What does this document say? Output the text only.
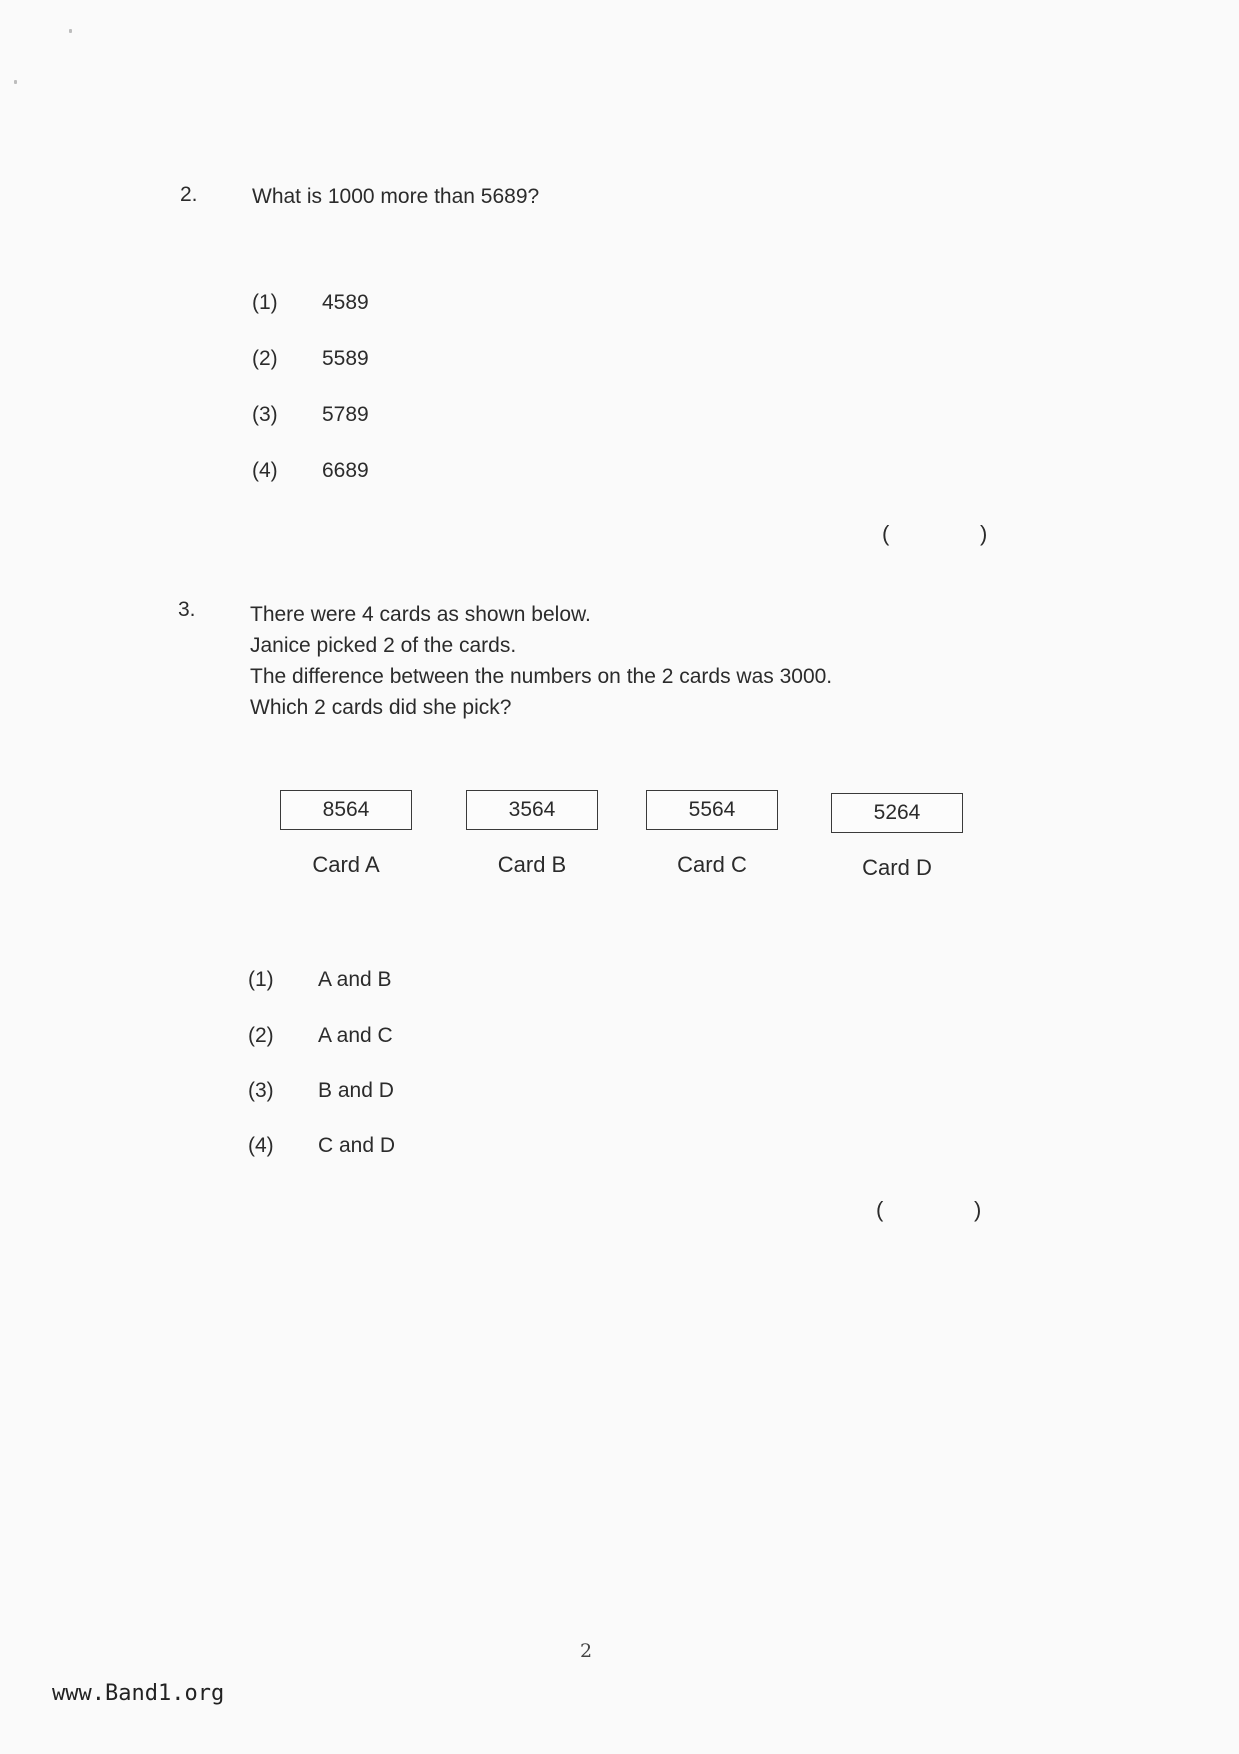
2.	What is 1000 more than 5689?
(1) 4589
(2) 5589
(3) 5789
(4) 6689
(	)
3.	There were 4 cards as shown below.
Janice picked 2 of the cards.
The difference between the numbers on the 2 cards was 3000.
Which 2 cards did she pick?
8564
Card A
3564
Card B
5564
Card C
5264
Card D
(1) A and B
(2) A and C
(3) B and D
(4) C and D
(	)
2
www.Band1.org
